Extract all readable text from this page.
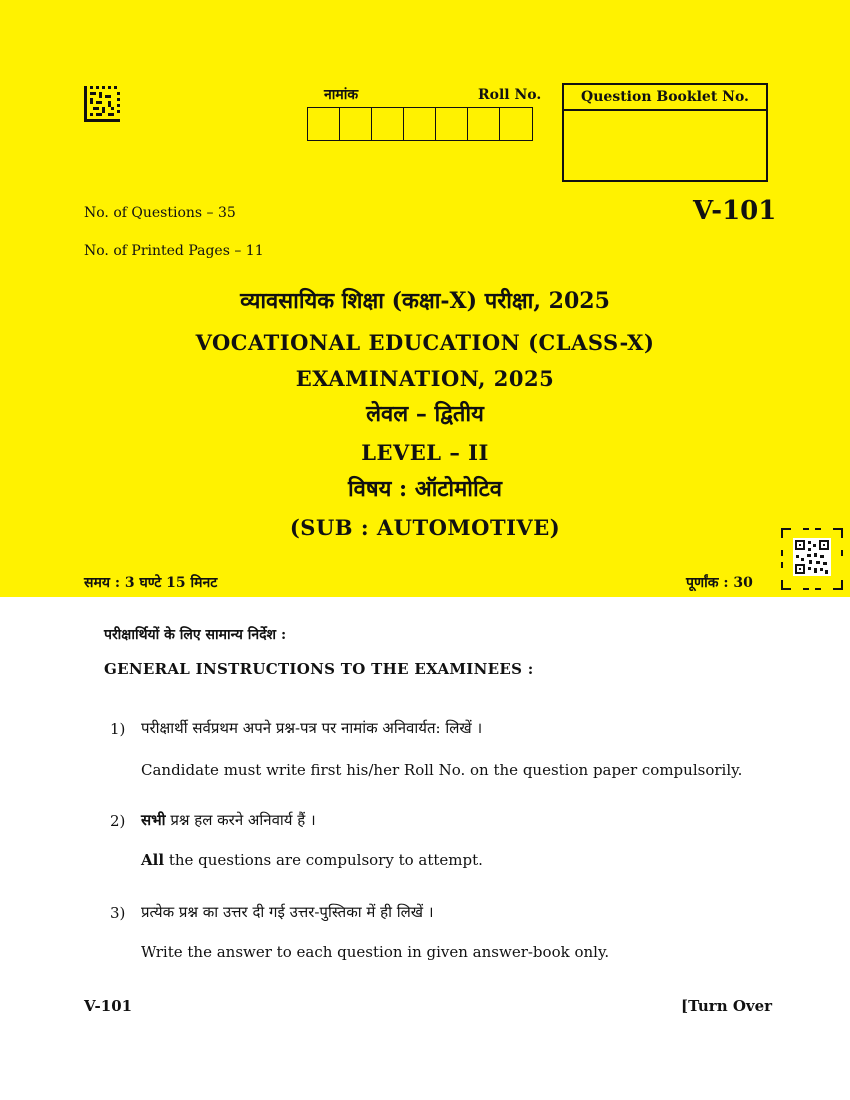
नामांक	Roll No.	Question Booklet No.
No. of Questions – 35
No. of Printed Pages – 11
V-101
व्यावसायिक शिक्षा (कक्षा-X) परीक्षा, 2025
VOCATIONAL EDUCATION (CLASS-X)
EXAMINATION, 2025
लेवल – द्वितीय
LEVEL – II
विषय : ऑटोमोटिव
(SUB : AUTOMOTIVE)
समय : 3 घण्टे 15 मिनट	पूर्णांक : 30
परीक्षार्थियों के लिए सामान्य निर्देश :
GENERAL INSTRUCTIONS TO THE EXAMINEES :
1) परीक्षार्थी सर्वप्रथम अपने प्रश्न-पत्र पर नामांक अनिवार्यत: लिखें ।
Candidate must write first his/her Roll No. on the question paper compulsorily.
2) सभी प्रश्न हल करने अनिवार्य हैं ।
All the questions are compulsory to attempt.
3) प्रत्येक प्रश्न का उत्तर दी गई उत्तर-पुस्तिका में ही लिखें ।
Write the answer to each question in given answer-book only.
V-101	[Turn Over
